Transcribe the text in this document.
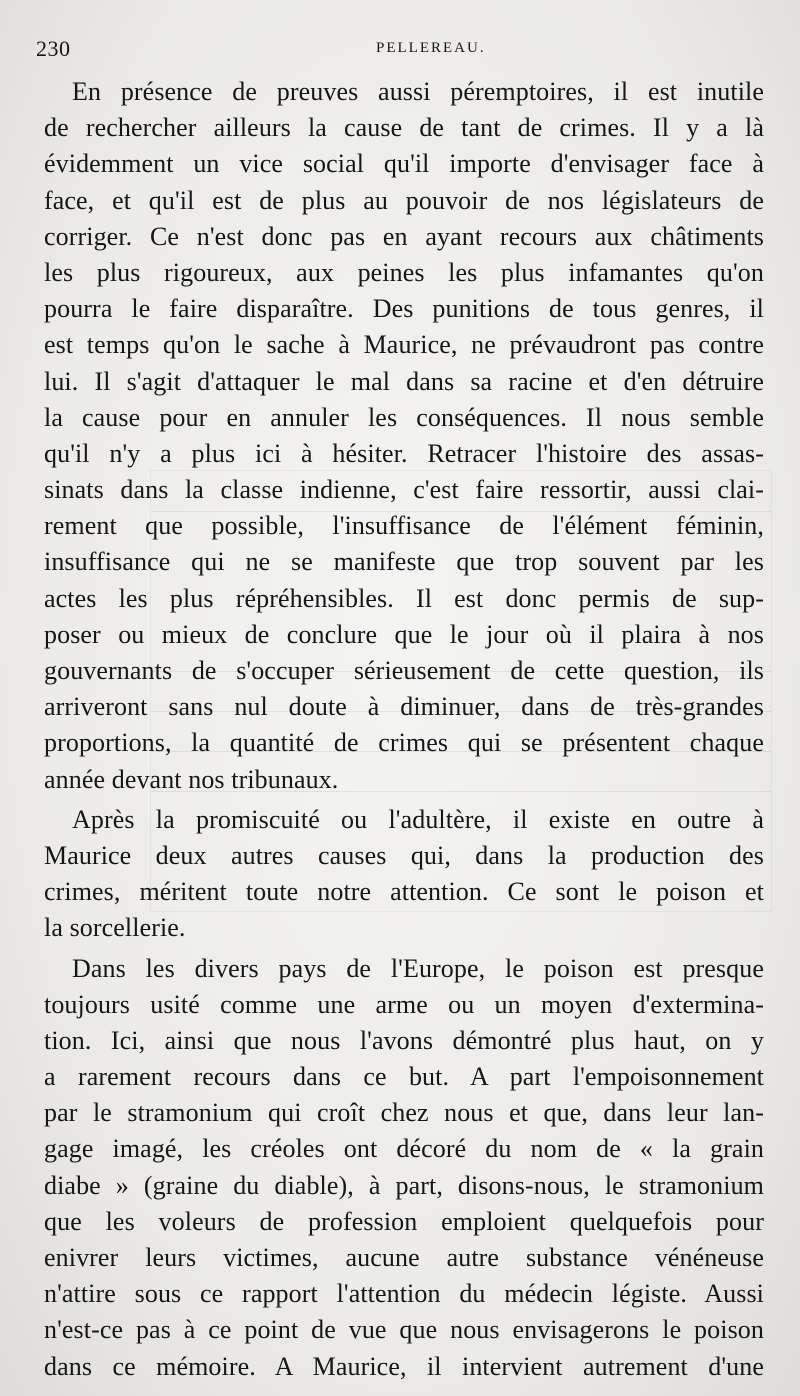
230	PELLEREAU.

En présence de preuves aussi péremptoires, il est inutile
de rechercher ailleurs la cause de tant de crimes. Il y a là
évidemment un vice social qu'il importe d'envisager face à
face, et qu'il est de plus au pouvoir de nos législateurs de
corriger. Ce n'est donc pas en ayant recours aux châtiments
les plus rigoureux, aux peines les plus infamantes qu'on
pourra le faire disparaître. Des punitions de tous genres, il
est temps qu'on le sache à Maurice, ne prévaudront pas contre
lui. Il s'agit d'attaquer le mal dans sa racine et d'en détruire
la cause pour en annuler les conséquences. Il nous semble
qu'il n'y a plus ici à hésiter. Retracer l'histoire des assas-
sinats dans la classe indienne, c'est faire ressortir, aussi clai-
rement que possible, l'insuffisance de l'élément féminin,
insuffisance qui ne se manifeste que trop souvent par les
actes les plus répréhensibles. Il est donc permis de sup-
poser ou mieux de conclure que le jour où il plaira à nos
gouvernants de s'occuper sérieusement de cette question, ils
arriveront sans nul doute à diminuer, dans de très-grandes
proportions, la quantité de crimes qui se présentent chaque
année devant nos tribunaux.

Après la promiscuité ou l'adultère, il existe en outre à
Maurice deux autres causes qui, dans la production des
crimes, méritent toute notre attention. Ce sont le poison et
la sorcellerie.

Dans les divers pays de l'Europe, le poison est presque
toujours usité comme une arme ou un moyen d'extermina-
tion. Ici, ainsi que nous l'avons démontré plus haut, on y
a rarement recours dans ce but. A part l'empoisonnement
par le stramonium qui croît chez nous et que, dans leur lan-
gage imagé, les créoles ont décoré du nom de « la grain
diabe » (graine du diable), à part, disons-nous, le stramonium
que les voleurs de profession emploient quelquefois pour
enivrer leurs victimes, aucune autre substance vénéneuse
n'attire sous ce rapport l'attention du médecin légiste. Aussi
n'est-ce pas à ce point de vue que nous envisagerons le poison
dans ce mémoire. A Maurice, il intervient autrement d'une
